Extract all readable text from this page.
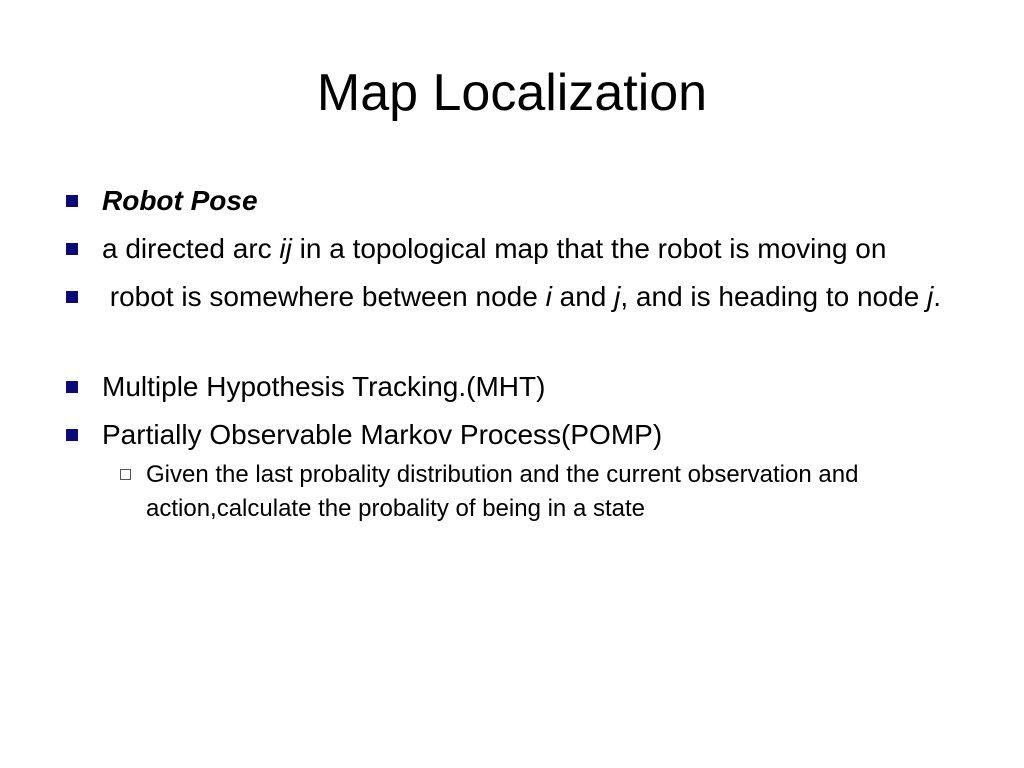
Map Localization
Robot Pose
a directed arc ij in a topological map that the robot is moving on
robot is somewhere between node i and j, and is heading to node j.
Multiple Hypothesis Tracking.(MHT)
Partially Observable Markov Process(POMP)
Given the last probality distribution and the current observation and action,calculate the probality of being in a state
